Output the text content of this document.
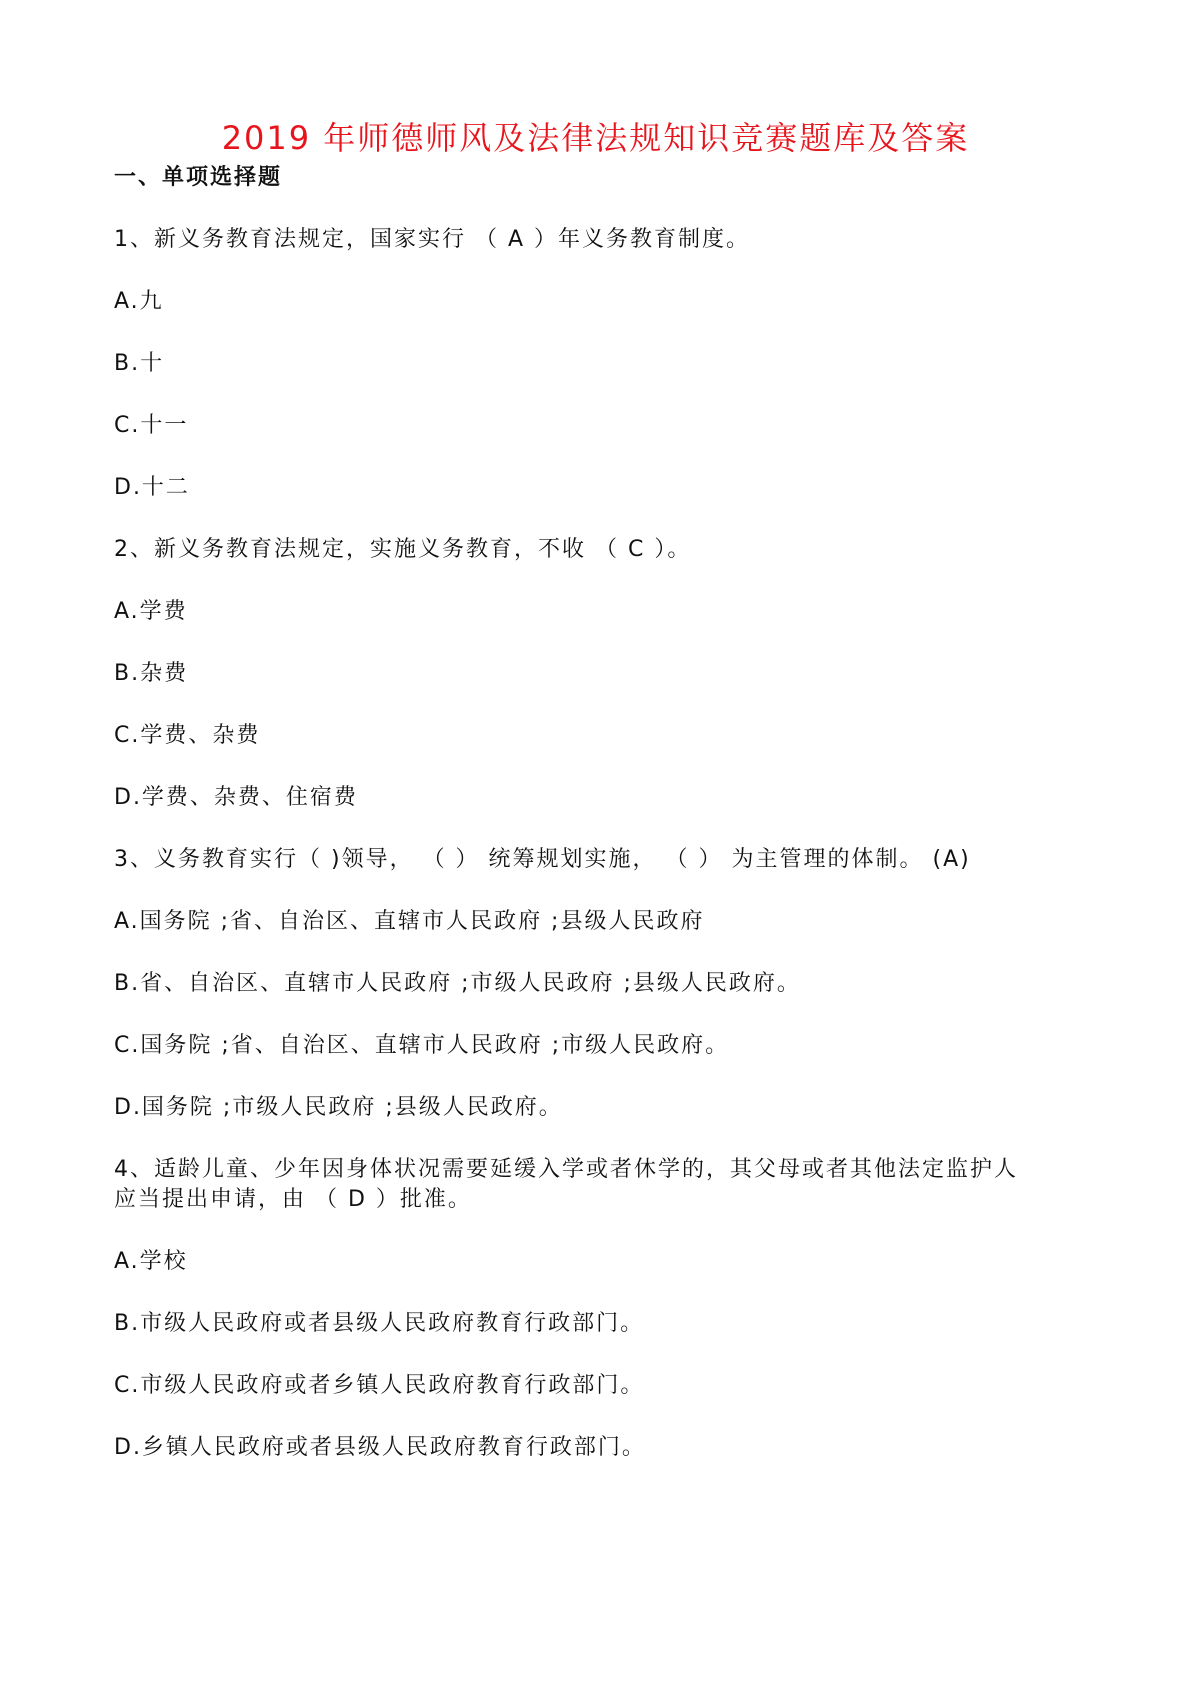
2019 年师德师风及法律法规知识竞赛题库及答案
一、单项选择题
1、新义务教育法规定，国家实行 （ A ）年义务教育制度。
A.九
B.十
C.十一
D.十二
2、新义务教育法规定，实施义务教育，不收 （ C ）。
A.学费
B.杂费
C.学费、杂费
D.学费、杂费、住宿费
3、义务教育实行（ )领导， （ ） 统筹规划实施， （ ） 为主管理的体制。 (A)
A.国务院 ;省、自治区、直辖市人民政府 ;县级人民政府
B.省、自治区、直辖市人民政府 ;市级人民政府 ;县级人民政府。
C.国务院 ;省、自治区、直辖市人民政府 ;市级人民政府。
D.国务院 ;市级人民政府 ;县级人民政府。
4、适龄儿童、少年因身体状况需要延缓入学或者休学的，其父母或者其他法定监护人
应当提出申请，由 （ D ）批准。
A.学校
B.市级人民政府或者县级人民政府教育行政部门。
C.市级人民政府或者乡镇人民政府教育行政部门。
D.乡镇人民政府或者县级人民政府教育行政部门。
